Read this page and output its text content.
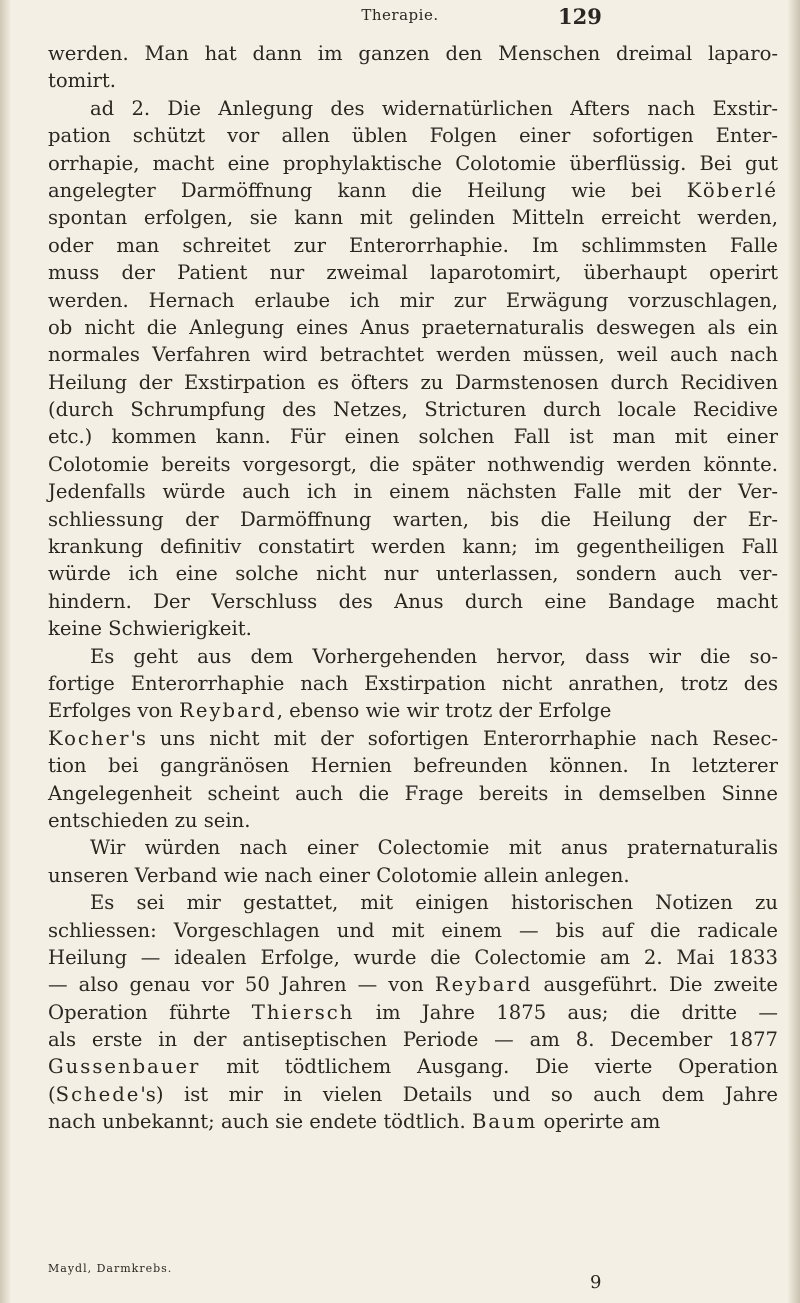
Therapie.	129
werden. Man hat dann im ganzen den Menschen dreimal laparo-
tomirt.
ad 2. Die Anlegung des widernatürlichen Afters nach Exstir-
pation schützt vor allen üblen Folgen einer sofortigen Enter-
orrhapie, macht eine prophylaktische Colotomie überflüssig. Bei gut
angelegter Darmöffnung kann die Heilung wie bei Köberlé
spontan erfolgen, sie kann mit gelinden Mitteln erreicht werden,
oder man schreitet zur Enterorrhaphie. Im schlimmsten Falle
muss der Patient nur zweimal laparotomirt, überhaupt operirt
werden. Hernach erlaube ich mir zur Erwägung vorzuschlagen,
ob nicht die Anlegung eines Anus praeternaturalis deswegen als ein
normales Verfahren wird betrachtet werden müssen, weil auch nach
Heilung der Exstirpation es öfters zu Darmstenosen durch Recidiven
(durch Schrumpfung des Netzes, Stricturen durch locale Recidive
etc.) kommen kann. Für einen solchen Fall ist man mit einer
Colotomie bereits vorgesorgt, die später nothwendig werden könnte.
Jedenfalls würde auch ich in einem nächsten Falle mit der Ver-
schliessung der Darmöffnung warten, bis die Heilung der Er-
krankung definitiv constatirt werden kann; im gegentheiligen Fall
würde ich eine solche nicht nur unterlassen, sondern auch ver-
hindern. Der Verschluss des Anus durch eine Bandage macht
keine Schwierigkeit.
Es geht aus dem Vorhergehenden hervor, dass wir die so-
fortige Enterorrhaphie nach Exstirpation nicht anrathen, trotz des
Erfolges von Reybard, ebenso wie wir trotz der Erfolge
Kocher's uns nicht mit der sofortigen Enterorrhaphie nach Resec-
tion bei gangränösen Hernien befreunden können. In letzterer
Angelegenheit scheint auch die Frage bereits in demselben Sinne
entschieden zu sein.
Wir würden nach einer Colectomie mit anus praternaturalis
unseren Verband wie nach einer Colotomie allein anlegen.
Es sei mir gestattet, mit einigen historischen Notizen zu
schliessen: Vorgeschlagen und mit einem — bis auf die radicale
Heilung — idealen Erfolge, wurde die Colectomie am 2. Mai 1833
— also genau vor 50 Jahren — von Reybard ausgeführt. Die zweite
Operation führte Thiersch im Jahre 1875 aus; die dritte —
als erste in der antiseptischen Periode — am 8. December 1877
Gussenbauer mit tödtlichem Ausgang. Die vierte Operation
(Schede's) ist mir in vielen Details und so auch dem Jahre
nach unbekannt; auch sie endete tödtlich. Baum operirte am
Maydl, Darmkrebs.
9
